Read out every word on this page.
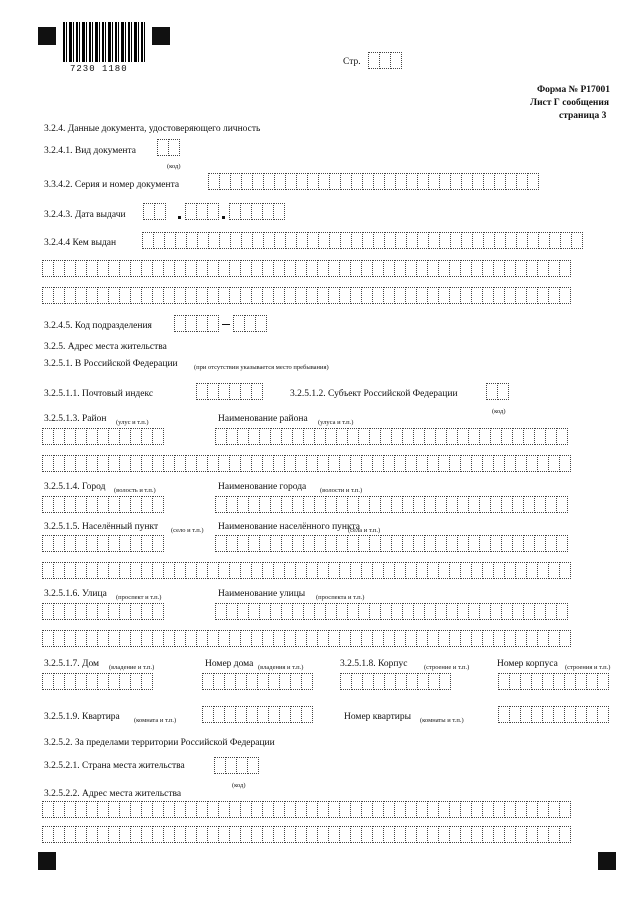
7230 1180
Стр.
Форма № Р17001
Лист Г сообщения
страница 3
3.2.4. Данные документа, удостоверяющего личность
3.2.4.1. Вид документа
(код)
3.3.4.2. Серия и номер документа
3.2.4.3. Дата выдачи
3.2.4.4 Кем выдан
3.2.4.5. Код подразделения
3.2.5. Адрес места жительства
3.2.5.1. В Российской Федерации	(при отсутствии указывается место пребывания)
3.2.5.1.1. Почтовый индекс	3.2.5.1.2. Субъект Российской Федерации
(код)
3.2.5.1.3. Район (улус и т.п.)	Наименование района (улуса и т.п.)
3.2.5.1.4. Город (волость и т.п.)	Наименование города (волости и т.п.)
3.2.5.1.5. Населённый пункт (село и т.п.) Наименование населённого пункта
(села и т.п.)
3.2.5.1.6. Улица (проспект и т.п.)	Наименование улицы (проспекта и т.п.)
3.2.5.1.7. Дом (владение и т.п.)	Номер дома (владения и т.п.)	3.2.5.1.8. Корпус	(строение и т.п.)	Номер корпуса (строения и т.п.)
3.2.5.1.9. Квартира (комната и т.п.)	Номер квартиры (комнаты и т.п.)
3.2.5.2. За пределами территории Российской Федерации
3.2.5.2.1. Страна места жительства
(код)
3.2.5.2.2. Адрес места жительства
